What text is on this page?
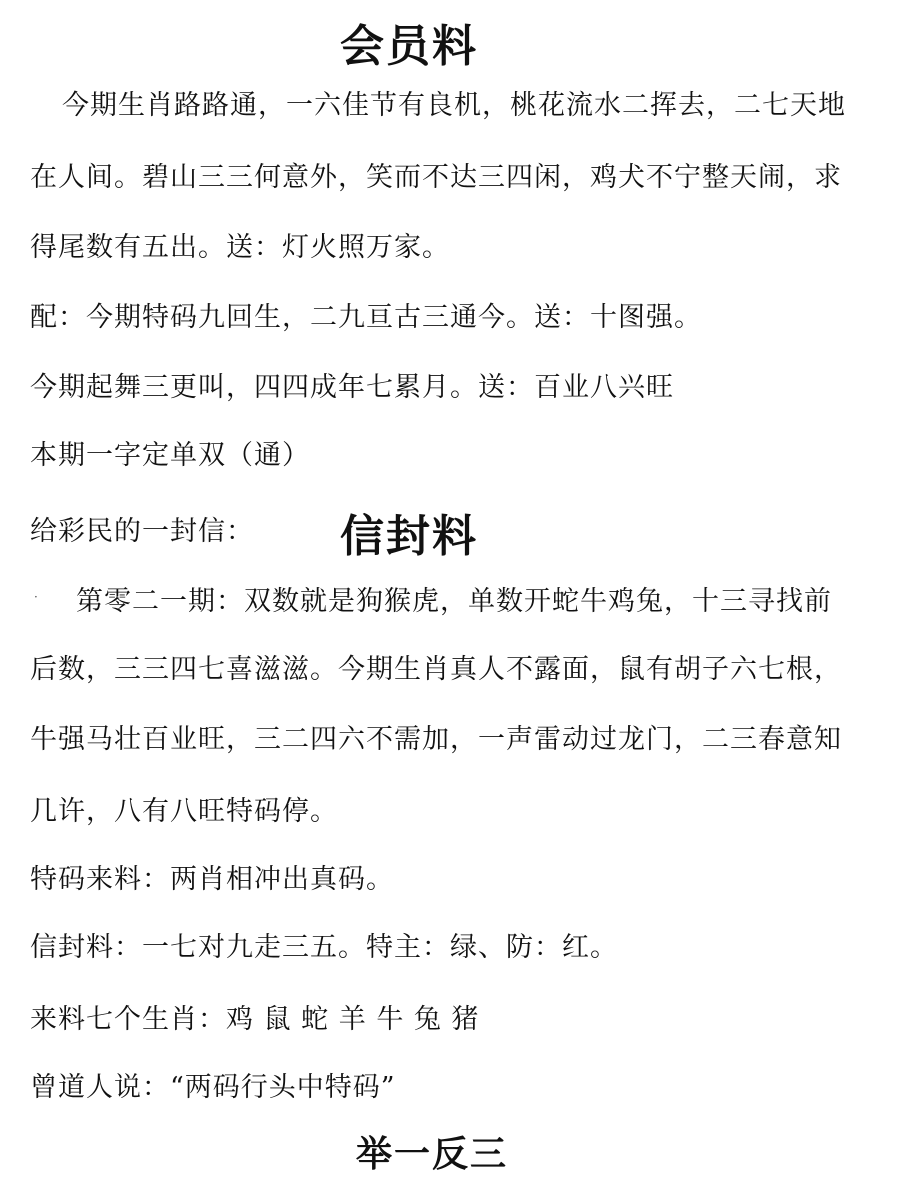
会员料
今期生肖路路通，一六佳节有良机，桃花流水二挥去，二七天地
在人间。碧山三三何意外，笑而不达三四闲，鸡犬不宁整天闹，求
得尾数有五出。送：灯火照万家。
配：今期特码九回生，二九亘古三通今。送：十图强。
今期起舞三更叫，四四成年七累月。送：百业八兴旺
本期一字定单双（通）
给彩民的一封信： 信封料
· 第零二一期：双数就是狗猴虎，单数开蛇牛鸡兔，十三寻找前
后数，三三四七喜滋滋。今期生肖真人不露面，鼠有胡子六七根，
牛强马壮百业旺，三二四六不需加，一声雷动过龙门，二三春意知
几许，八有八旺特码停。
特码来料：两肖相冲出真码。
信封料：一七对九走三五。特主：绿、防：红。
来料七个生肖：鸡 鼠 蛇 羊 牛 兔 猪
曾道人说：“两码行头中特码”
举一反三
